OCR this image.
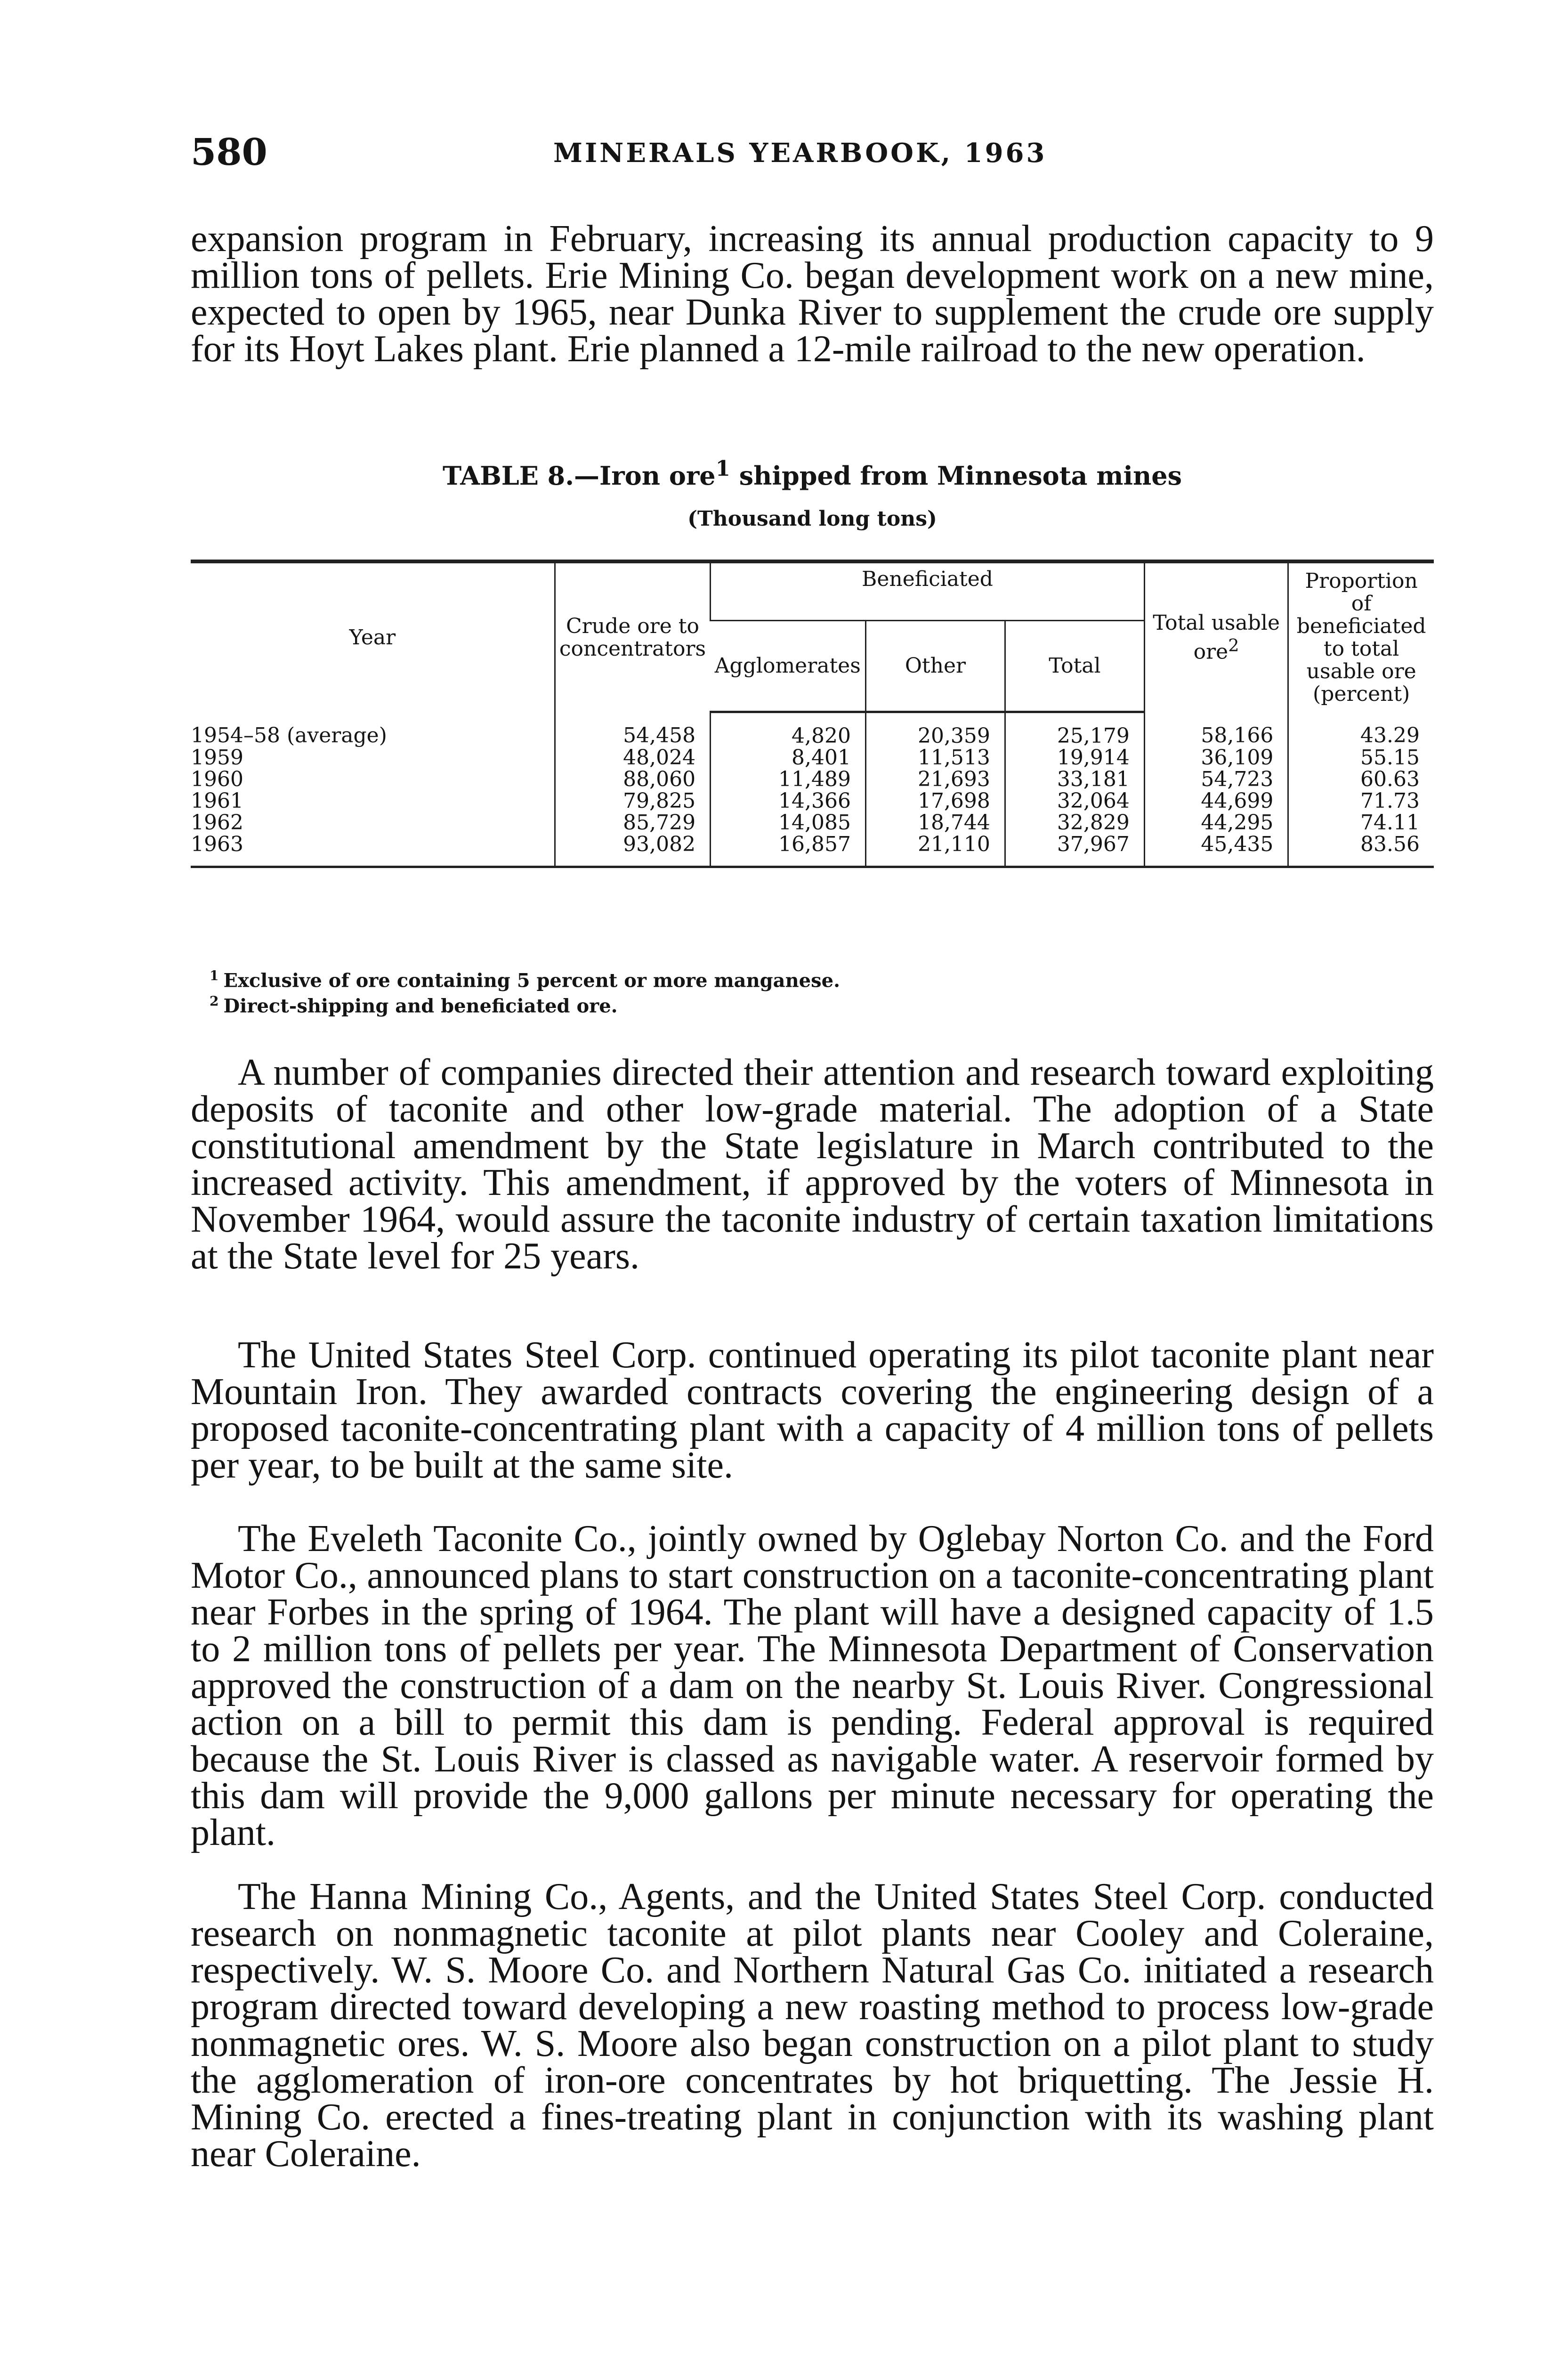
580	MINERALS YEARBOOK, 1963

expansion program in February, increasing its annual production capacity to 9 million tons of pellets. Erie Mining Co. began development work on a new mine, expected to open by 1965, near Dunka River to supplement the crude ore supply for its Hoyt Lakes plant. Erie planned a 12-mile railroad to the new operation.

TABLE 8.—Iron ore$^1$ shipped from Minnesota mines
(Thousand long tons)
Year	Crude ore to concentrators	Beneficiated			Total usable ore$^2$	Proportion of beneficiated to total usable ore (percent)
		Agglomerates	Other	Total		
1954–58 (average)	54,458	4,820	20,359	25,179	58,166	43.29
1959	48,024	8,401	11,513	19,914	36,109	55.15
1960	88,060	11,489	21,693	33,181	54,723	60.63
1961	79,825	14,366	17,698	32,064	44,699	71.73
1962	85,729	14,085	18,744	32,829	44,295	74.11
1963	93,082	16,857	21,110	37,967	45,435	83.56

$^1$ Exclusive of ore containing 5 percent or more manganese.

$^2$ Direct-shipping and beneficiated ore.

A number of companies directed their attention and research toward exploiting deposits of taconite and other low-grade material. The adoption of a State constitutional amendment by the State legislature in March contributed to the increased activity. This amendment, if approved by the voters of Minnesota in November 1964, would assure the taconite industry of certain taxation limitations at the State level for 25 years.

The United States Steel Corp. continued operating its pilot taconite plant near Mountain Iron. They awarded contracts covering the engineering design of a proposed taconite-concentrating plant with a capacity of 4 million tons of pellets per year, to be built at the same site.

The Eveleth Taconite Co., jointly owned by Oglebay Norton Co. and the Ford Motor Co., announced plans to start construction on a taconite-concentrating plant near Forbes in the spring of 1964. The plant will have a designed capacity of 1.5 to 2 million tons of pellets per year. The Minnesota Department of Conservation approved the construction of a dam on the nearby St. Louis River. Congressional action on a bill to permit this dam is pending. Federal approval is required because the St. Louis River is classed as navigable water. A reservoir formed by this dam will provide the 9,000 gallons per minute necessary for operating the plant.

The Hanna Mining Co., Agents, and the United States Steel Corp. conducted research on nonmagnetic taconite at pilot plants near Cooley and Coleraine, respectively. W. S. Moore Co. and Northern Natural Gas Co. initiated a research program directed toward developing a new roasting method to process low-grade nonmagnetic ores. W. S. Moore also began construction on a pilot plant to study the agglomeration of iron-ore concentrates by hot briquetting. The Jessie H. Mining Co. erected a fines-treating plant in conjunction with its washing plant near Coleraine.
